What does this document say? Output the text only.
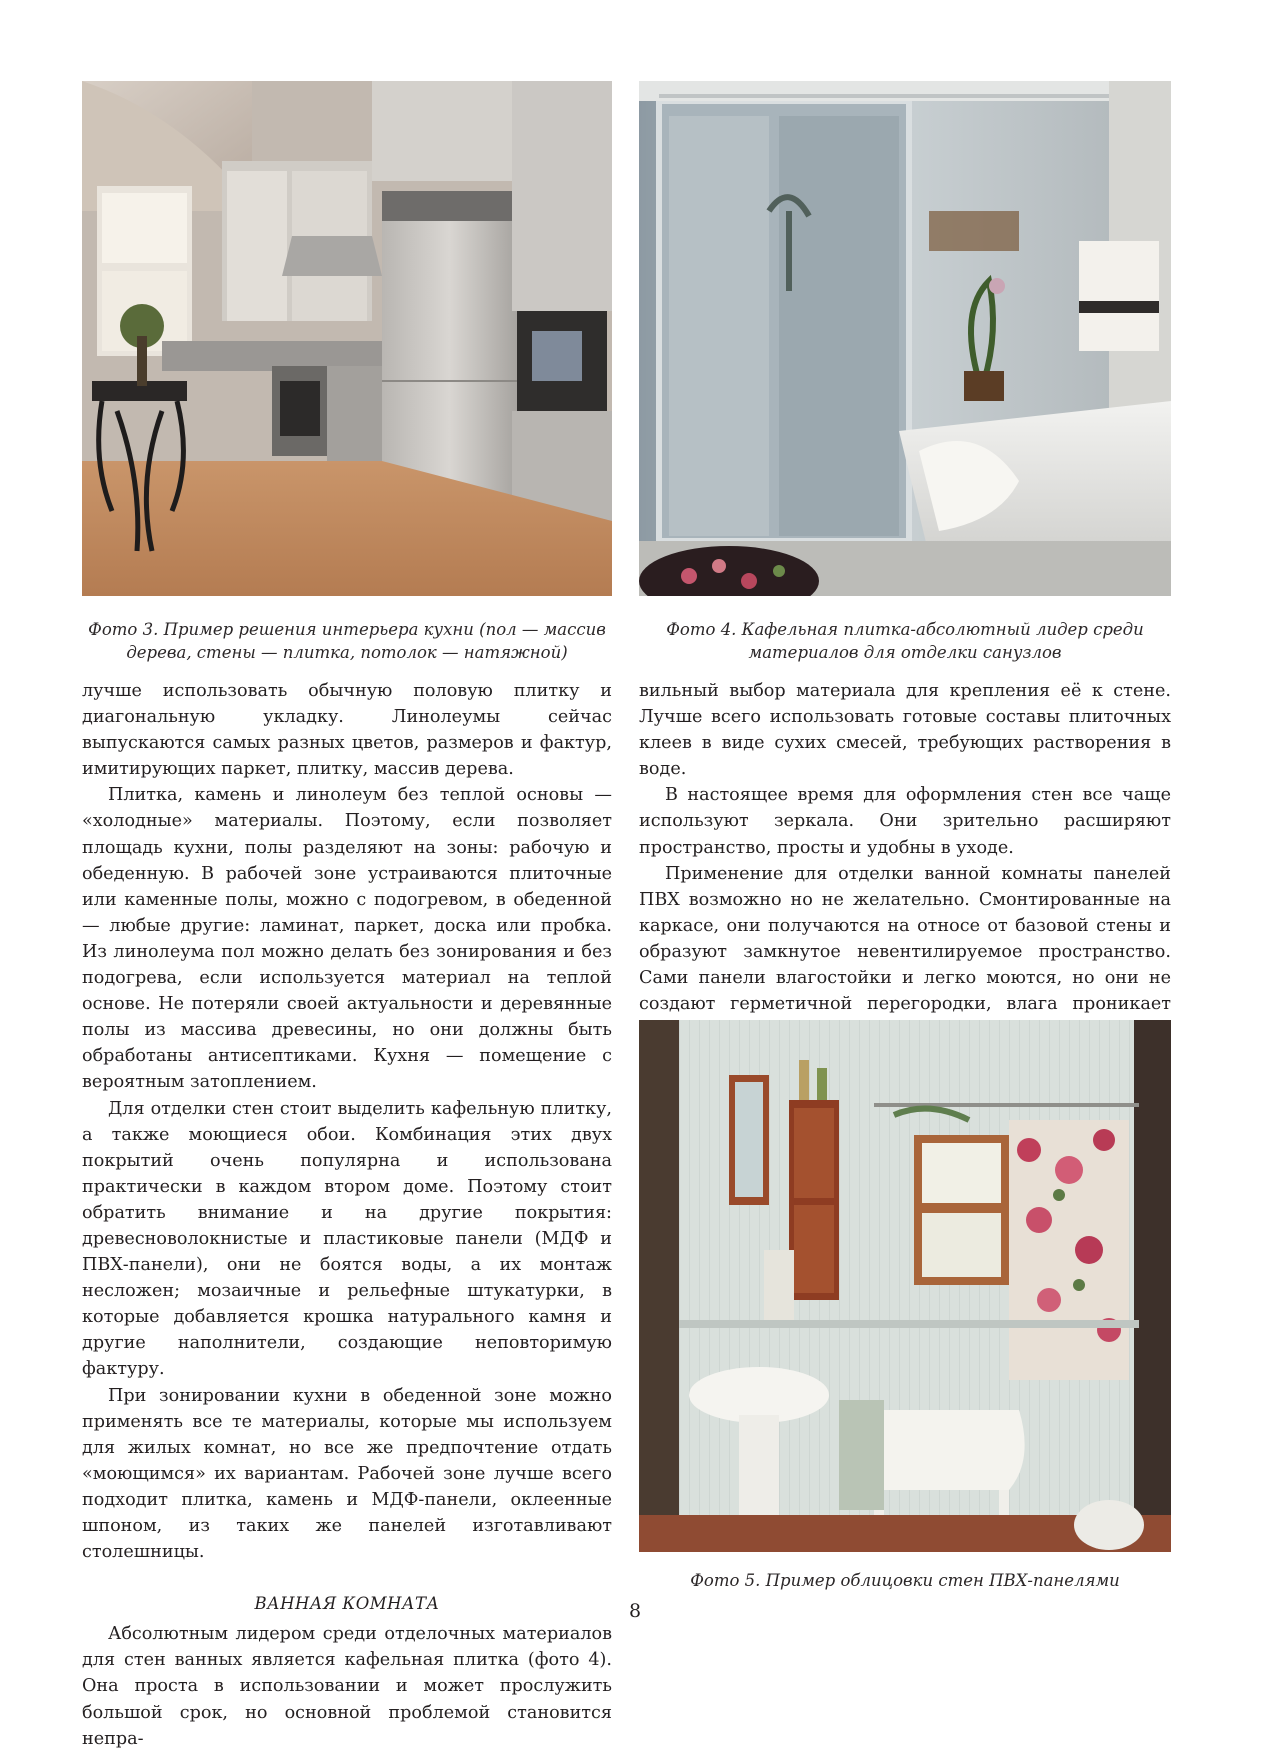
Фото 3. Пример решения интерьера кухни (пол — массив дерева, стены — плитка, потолок — натяжной)
Фото 4. Кафельная плитка-абсолютный лидер среди материалов для отделки санузлов

лучше использовать обычную половую плитку и диагональную укладку. Линолеумы сейчас выпускаются самых разных цветов, размеров и фактур, имитирующих паркет, плитку, массив дерева.

Плитка, камень и линолеум без теплой основы — «холодные» материалы. Поэтому, если позволяет площадь кухни, полы разделяют на зоны: рабочую и обеденную. В рабочей зоне устраиваются плиточные или каменные полы, можно с подогревом, в обеденной — любые другие: ламинат, паркет, доска или пробка. Из линолеума пол можно делать без зонирования и без подогрева, если используется материал на теплой основе. Не потеряли своей актуальности и деревянные полы из массива древесины, но они должны быть обработаны антисептиками. Кухня — помещение с вероятным затоплением.

Для отделки стен стоит выделить кафельную плитку, а также моющиеся обои. Комбинация этих двух покрытий очень популярна и использована практически в каждом втором доме. Поэтому стоит обратить внимание и на другие покрытия: древесноволокнистые и пластиковые панели (МДФ и ПВХ-панели), они не боятся воды, а их монтаж несложен; мозаичные и рельефные штукатурки, в которые добавляется крошка натурального камня и другие наполнители, создающие неповторимую фактуру.

При зонировании кухни в обеденной зоне можно применять все те материалы, которые мы используем для жилых комнат, но все же предпочтение отдать «моющимся» их вариантам. Рабочей зоне лучше всего подходит плитка, камень и МДФ-панели, оклеенные шпоном, из таких же панелей изготавливают столешницы.

ВАННАЯ КОМНАТА

Абсолютным лидером среди отделочных материалов для стен ванных является кафельная плитка (фото 4). Она проста в использовании и может прослужить большой срок, но основной проблемой становится непра-

вильный выбор материала для крепления её к стене. Лучше всего использовать готовые составы плиточных клеев в виде сухих смесей, требующих растворения в воде.

В настоящее время для оформления стен все чаще используют зеркала. Они зрительно расширяют пространство, просты и удобны в уходе.

Применение для отделки ванной комнаты панелей ПВХ возможно но не желательно. Смонтированные на каркасе, они получаются на относе от базовой стены и образуют замкнутое невентилируемое пространство. Сами панели влагостойки и легко моются, но они не создают герметичной перегородки, влага проникает

Фото 5. Пример облицовки стен ПВХ-панелями
8
